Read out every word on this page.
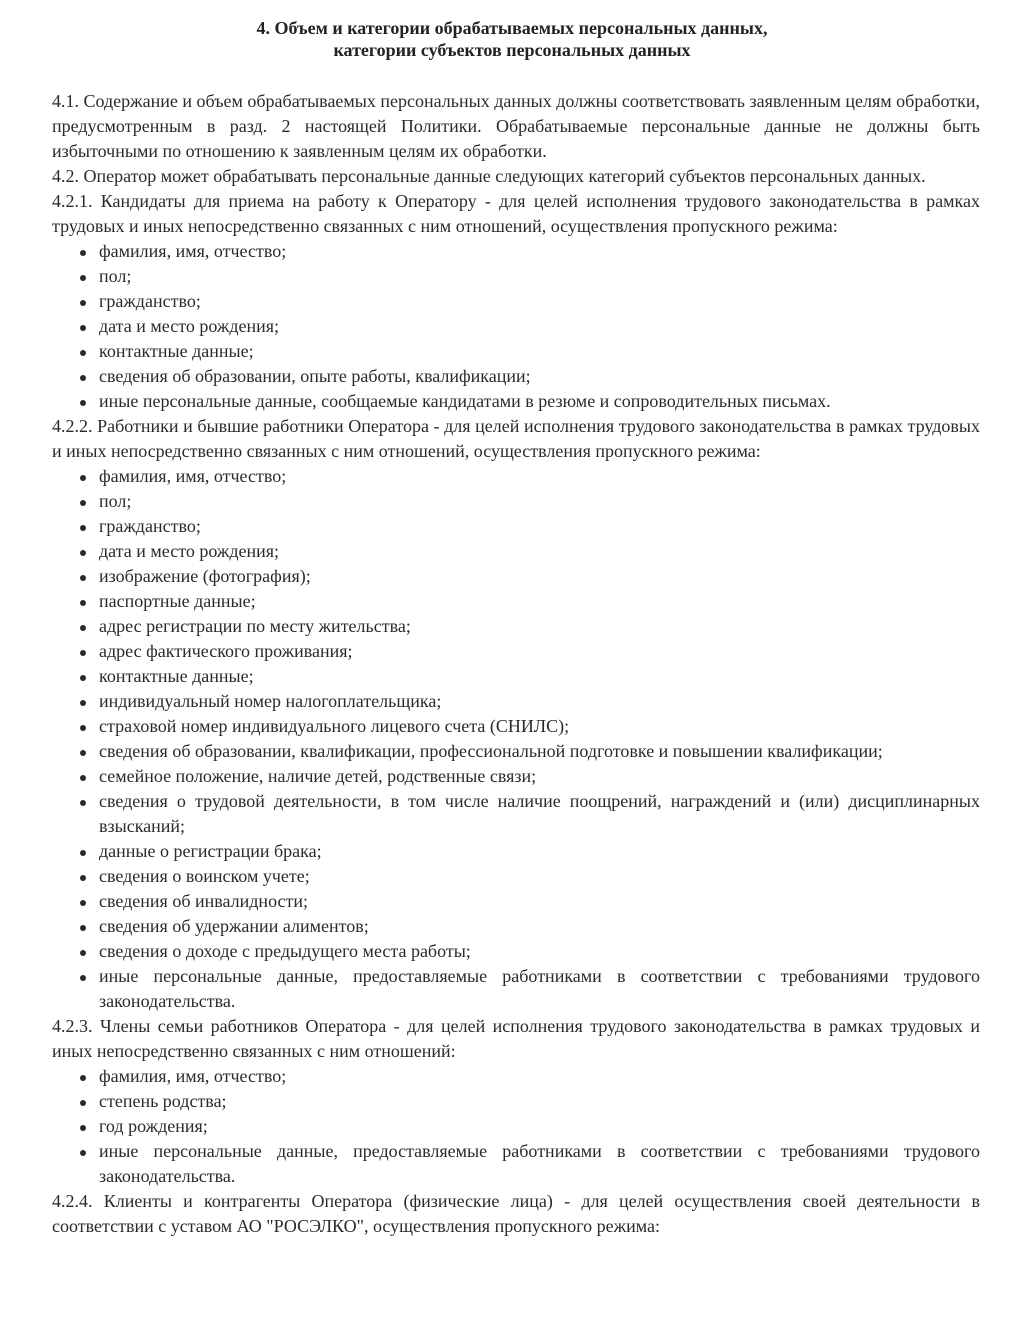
4. Объем и категории обрабатываемых персональных данных,
категории субъектов персональных данных

4.1. Содержание и объем обрабатываемых персональных данных должны соответствовать заявленным целям обработки, предусмотренным в разд. 2 настоящей Политики. Обрабатываемые персональные данные не должны быть избыточными по отношению к заявленным целям их обработки.

4.2. Оператор может обрабатывать персональные данные следующих категорий субъектов персональных данных.

4.2.1. Кандидаты для приема на работу к Оператору - для целей исполнения трудового законодательства в рамках трудовых и иных непосредственно связанных с ним отношений, осуществления пропускного режима:

фамилия, имя, отчество;
пол;
гражданство;
дата и место рождения;
контактные данные;
сведения об образовании, опыте работы, квалификации;
иные персональные данные, сообщаемые кандидатами в резюме и сопроводительных письмах.

4.2.2. Работники и бывшие работники Оператора - для целей исполнения трудового законодательства в рамках трудовых и иных непосредственно связанных с ним отношений, осуществления пропускного режима:

фамилия, имя, отчество;
пол;
гражданство;
дата и место рождения;
изображение (фотография);
паспортные данные;
адрес регистрации по месту жительства;
адрес фактического проживания;
контактные данные;
индивидуальный номер налогоплательщика;
страховой номер индивидуального лицевого счета (СНИЛС);
сведения об образовании, квалификации, профессиональной подготовке и повышении квалификации;
семейное положение, наличие детей, родственные связи;
сведения о трудовой деятельности, в том числе наличие поощрений, награждений и (или) дисциплинарных взысканий;
данные о регистрации брака;
сведения о воинском учете;
сведения об инвалидности;
сведения об удержании алиментов;
сведения о доходе с предыдущего места работы;
иные персональные данные, предоставляемые работниками в соответствии с требованиями трудового законодательства.

4.2.3. Члены семьи работников Оператора - для целей исполнения трудового законодательства в рамках трудовых и иных непосредственно связанных с ним отношений:

фамилия, имя, отчество;
степень родства;
год рождения;
иные персональные данные, предоставляемые работниками в соответствии с требованиями трудового законодательства.

4.2.4. Клиенты и контрагенты Оператора (физические лица) - для целей осуществления своей деятельности в соответствии с уставом АО "РОСЭЛКО", осуществления пропускного режима:
